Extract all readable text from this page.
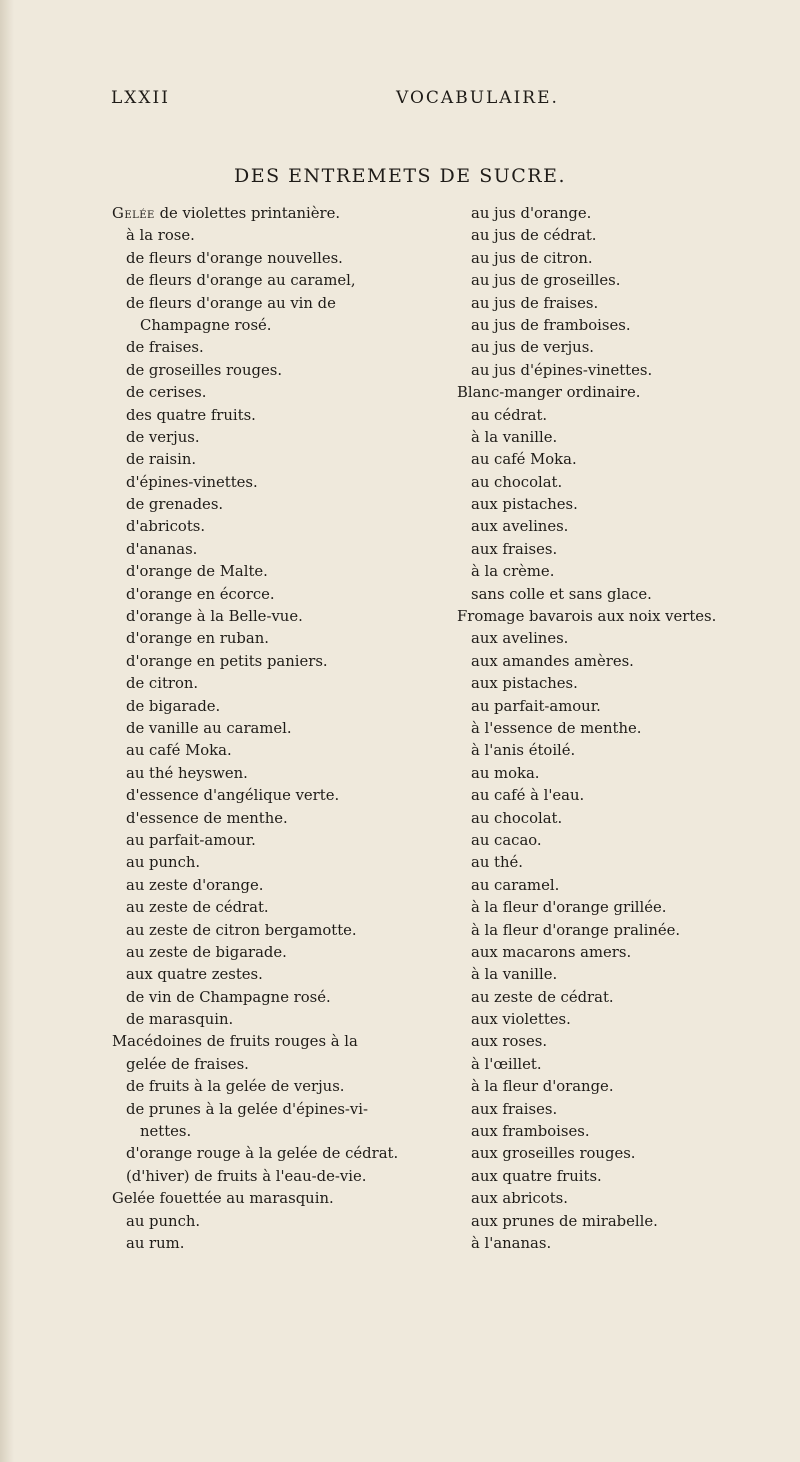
LXXII	VOCABULAIRE.
DES ENTREMETS DE SUCRE.
Gelée de violettes printanière.
à la rose.
de fleurs d'orange nouvelles.
de fleurs d'orange au caramel,
de fleurs d'orange au vin de
Champagne rosé.
de fraises.
de groseilles rouges.
de cerises.
des quatre fruits.
de verjus.
de raisin.
d'épines-vinettes.
de grenades.
d'abricots.
d'ananas.
d'orange de Malte.
d'orange en écorce.
d'orange à la Belle-vue.
d'orange en ruban.
d'orange en petits paniers.
de citron.
de bigarade.
de vanille au caramel.
au café Moka.
au thé heyswen.
d'essence d'angélique verte.
d'essence de menthe.
au parfait-amour.
au punch.
au zeste d'orange.
au zeste de cédrat.
au zeste de citron bergamotte.
au zeste de bigarade.
aux quatre zestes.
de vin de Champagne rosé.
de marasquin.
Macédoines de fruits rouges à la
gelée de fraises.
de fruits à la gelée de verjus.
de prunes à la gelée d'épines-vi-
nettes.
d'orange rouge à la gelée de cédrat.
(d'hiver) de fruits à l'eau-de-vie.
Gelée fouettée au marasquin.
au punch.
au rum.
au jus d'orange.
au jus de cédrat.
au jus de citron.
au jus de groseilles.
au jus de fraises.
au jus de framboises.
au jus de verjus.
au jus d'épines-vinettes.
Blanc-manger ordinaire.
au cédrat.
à la vanille.
au café Moka.
au chocolat.
aux pistaches.
aux avelines.
aux fraises.
à la crème.
sans colle et sans glace.
Fromage bavarois aux noix vertes.
aux avelines.
aux amandes amères.
aux pistaches.
au parfait-amour.
à l'essence de menthe.
à l'anis étoilé.
au moka.
au café à l'eau.
au chocolat.
au cacao.
au thé.
au caramel.
à la fleur d'orange grillée.
à la fleur d'orange pralinée.
aux macarons amers.
à la vanille.
au zeste de cédrat.
aux violettes.
aux roses.
à l'œillet.
à la fleur d'orange.
aux fraises.
aux framboises.
aux groseilles rouges.
aux quatre fruits.
aux abricots.
aux prunes de mirabelle.
à l'ananas.
